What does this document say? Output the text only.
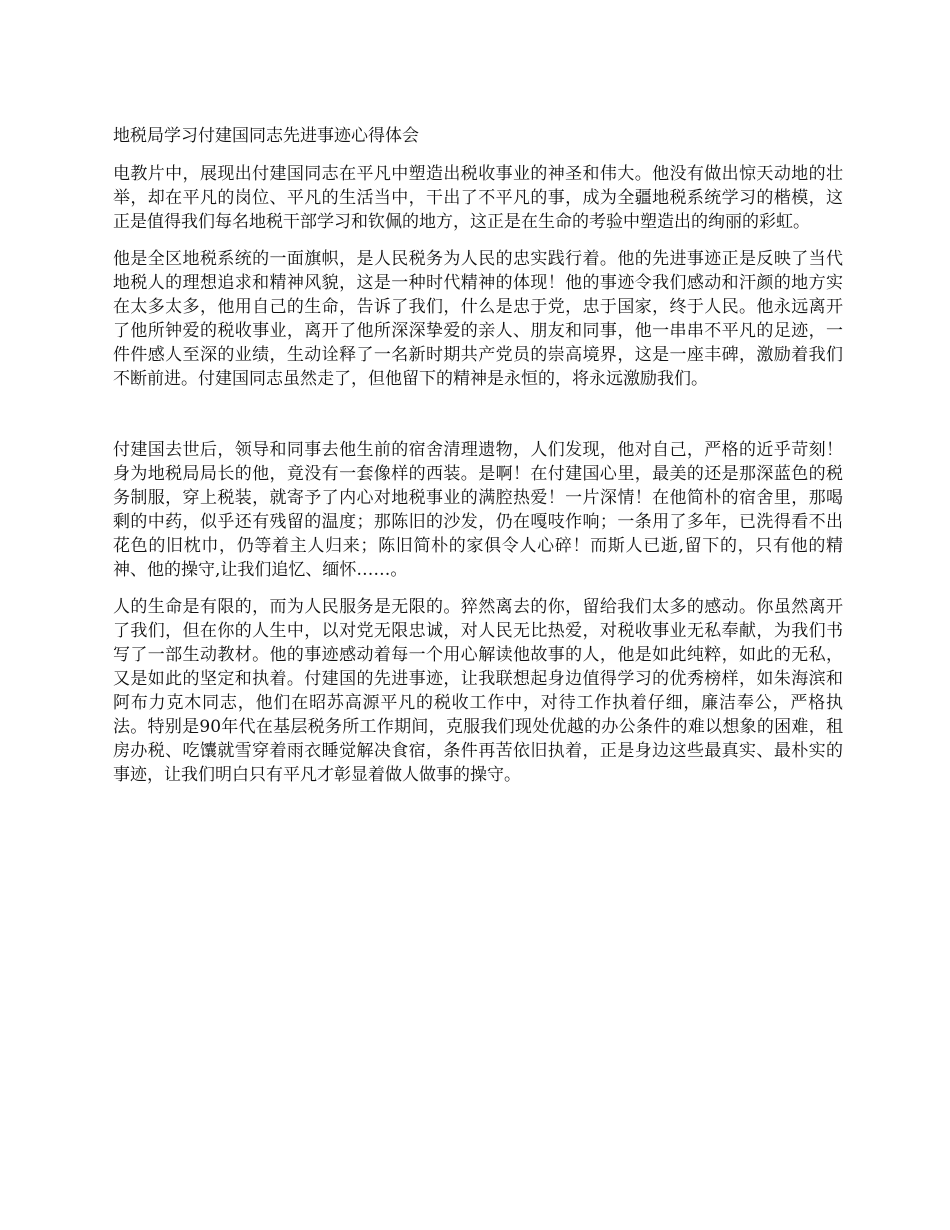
地税局学习付建国同志先进事迹心得体会

电教片中，展现出付建国同志在平凡中塑造出税收事业的神圣和伟大。他没有做出惊天动地的壮举，却在平凡的岗位、平凡的生活当中，干出了不平凡的事，成为全疆地税系统学习的楷模，这正是值得我们每名地税干部学习和钦佩的地方，这正是在生命的考验中塑造出的绚丽的彩虹。

他是全区地税系统的一面旗帜，是人民税务为人民的忠实践行着。他的先进事迹正是反映了当代地税人的理想追求和精神风貌，这是一种时代精神的体现！他的事迹令我们感动和汗颜的地方实在太多太多，他用自己的生命，告诉了我们，什么是忠于党，忠于国家，终于人民。他永远离开了他所钟爱的税收事业，离开了他所深深挚爱的亲人、朋友和同事，他一串串不平凡的足迹，一件件感人至深的业绩，生动诠释了一名新时期共产党员的崇高境界，这是一座丰碑，激励着我们不断前进。付建国同志虽然走了，但他留下的精神是永恒的，将永远激励我们。

付建国去世后，领导和同事去他生前的宿舍清理遗物，人们发现，他对自己，严格的近乎苛刻！身为地税局局长的他，竟没有一套像样的西装。是啊！在付建国心里，最美的还是那深蓝色的税务制服，穿上税装，就寄予了内心对地税事业的满腔热爱！一片深情！在他简朴的宿舍里，那喝剩的中药，似乎还有残留的温度；那陈旧的沙发，仍在嘎吱作响；一条用了多年，已洗得看不出花色的旧枕巾，仍等着主人归来；陈旧简朴的家俱令人心碎！而斯人已逝,留下的，只有他的精神、他的操守,让我们追忆、缅怀……。

人的生命是有限的，而为人民服务是无限的。猝然离去的你，留给我们太多的感动。你虽然离开了我们，但在你的人生中，以对党无限忠诚，对人民无比热爱，对税收事业无私奉献，为我们书写了一部生动教材。他的事迹感动着每一个用心解读他故事的人，他是如此纯粹，如此的无私，又是如此的坚定和执着。付建国的先进事迹，让我联想起身边值得学习的优秀榜样，如朱海滨和阿布力克木同志，他们在昭苏高源平凡的税收工作中，对待工作执着仔细，廉洁奉公，严格执法。特别是90年代在基层税务所工作期间，克服我们现处优越的办公条件的难以想象的困难，租房办税、吃馕就雪穿着雨衣睡觉解决食宿，条件再苦依旧执着，正是身边这些最真实、最朴实的事迹，让我们明白只有平凡才彰显着做人做事的操守。
